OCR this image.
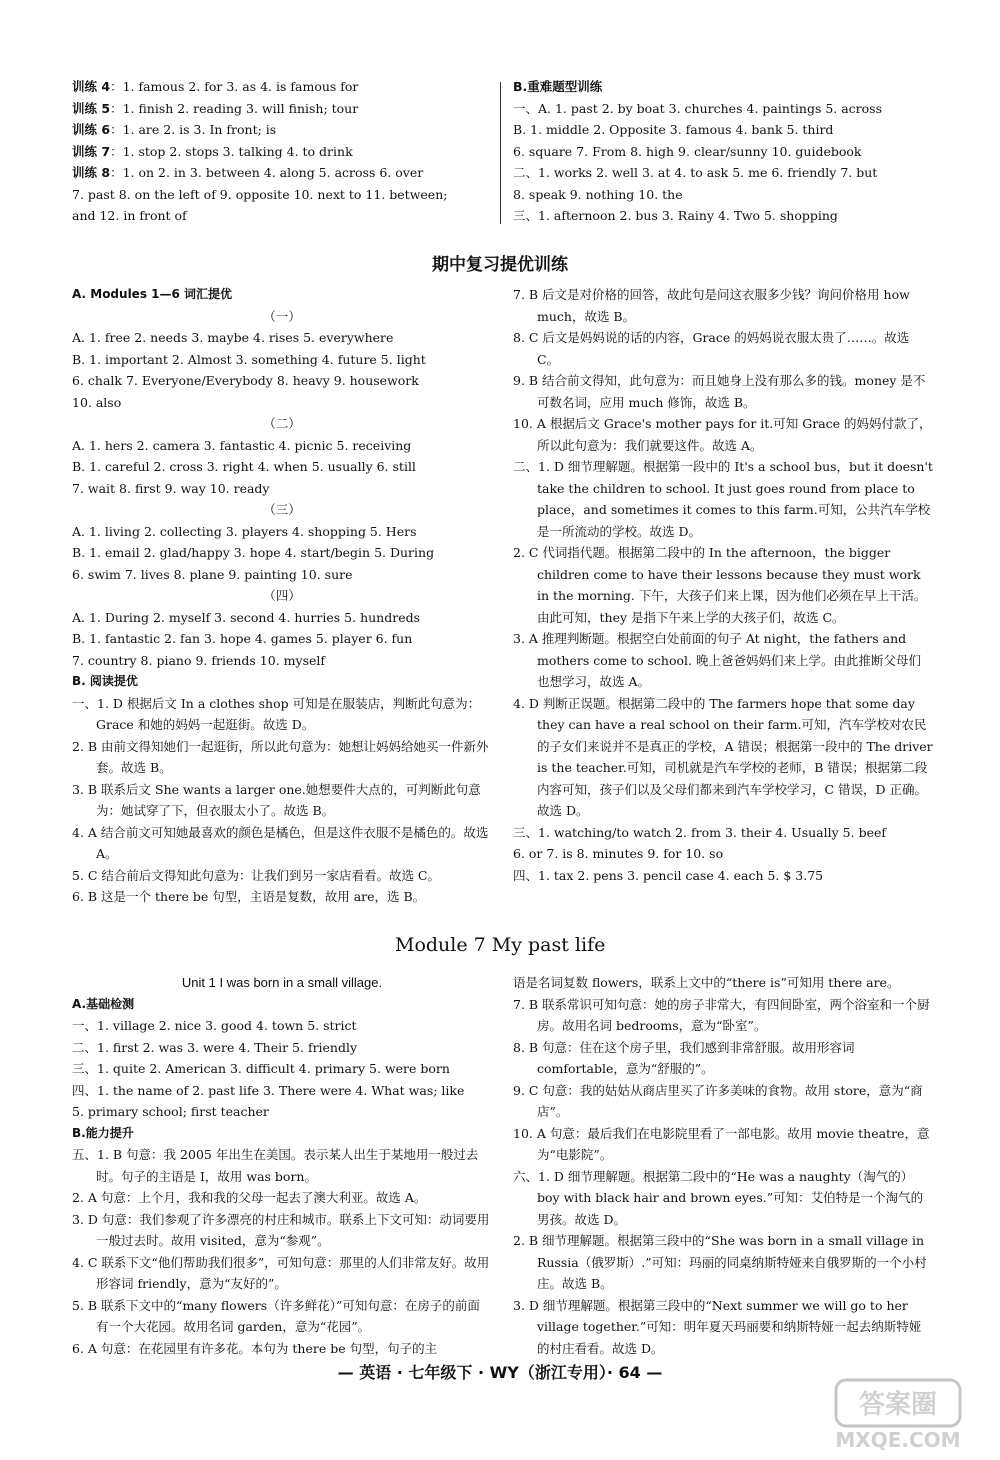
训练 4：1. famous 2. for 3. as 4. is famous for
训练 5：1. finish 2. reading 3. will finish; tour
训练 6：1. are 2. is 3. In front; is
训练 7：1. stop 2. stops 3. talking 4. to drink
训练 8：1. on 2. in 3. between 4. along 5. across 6. over
7. past 8. on the left of 9. opposite 10. next to 11. between;
and 12. in front of
B.重难题型训练
一、A. 1. past 2. by boat 3. churches 4. paintings 5. across
B. 1. middle 2. Opposite 3. famous 4. bank 5. third
6. square 7. From 8. high 9. clear/sunny 10. guidebook
二、1. works 2. well 3. at 4. to ask 5. me 6. friendly 7. but
8. speak 9. nothing 10. the
三、1. afternoon 2. bus 3. Rainy 4. Two 5. shopping
期中复习提优训练
A. Modules 1—6 词汇提优
（一）
A. 1. free 2. needs 3. maybe 4. rises 5. everywhere
B. 1. important 2. Almost 3. something 4. future 5. light
6. chalk 7. Everyone/Everybody 8. heavy 9. housework
10. also
（二）
A. 1. hers 2. camera 3. fantastic 4. picnic 5. receiving
B. 1. careful 2. cross 3. right 4. when 5. usually 6. still
7. wait 8. first 9. way 10. ready
（三）
A. 1. living 2. collecting 3. players 4. shopping 5. Hers
B. 1. email 2. glad/happy 3. hope 4. start/begin 5. During
6. swim 7. lives 8. plane 9. painting 10. sure
（四）
A. 1. During 2. myself 3. second 4. hurries 5. hundreds
B. 1. fantastic 2. fan 3. hope 4. games 5. player 6. fun
7. country 8. piano 9. friends 10. myself
B. 阅读提优
一、1. D 根据后文 In a clothes shop 可知是在服装店，判断此句意为：Grace 和她的妈妈一起逛街。故选 D。
2. B 由前文得知她们一起逛街，所以此句意为：她想让妈妈给她买一件新外套。故选 B。
3. B 联系后文 She wants a larger one.她想要件大点的，可判断此句意为：她试穿了下，但衣服太小了。故选 B。
4. A 结合前文可知她最喜欢的颜色是橘色，但是这件衣服不是橘色的。故选 A。
5. C 结合前后文得知此句意为：让我们到另一家店看看。故选 C。
6. B 这是一个 there be 句型，主语是复数，故用 are，选 B。
7. B 后文是对价格的回答，故此句是问这衣服多少钱？询问价格用 how much，故选 B。
8. C 后文是妈妈说的话的内容，Grace 的妈妈说衣服太贵了……。故选 C。
9. B 结合前文得知，此句意为：而且她身上没有那么多的钱。money 是不可数名词，应用 much 修饰，故选 B。
10. A 根据后文 Grace's mother pays for it.可知 Grace 的妈妈付款了，所以此句意为：我们就要这件。故选 A。
二、1. D 细节理解题。根据第一段中的 It's a school bus，but it doesn't take the children to school. It just goes round from place to place，and sometimes it comes to this farm.可知，公共汽车学校是一所流动的学校。故选 D。
2. C 代词指代题。根据第二段中的 In the afternoon，the bigger children come to have their lessons because they must work in the morning. 下午，大孩子们来上课，因为他们必须在早上干活。由此可知，they 是指下午来上学的大孩子们，故选 C。
3. A 推理判断题。根据空白处前面的句子 At night，the fathers and mothers come to school. 晚上爸爸妈妈们来上学。由此推断父母们也想学习，故选 A。
4. D 判断正误题。根据第二段中的 The farmers hope that some day they can have a real school on their farm.可知，汽车学校对农民的子女们来说并不是真正的学校，A 错误；根据第一段中的 The driver is the teacher.可知，司机就是汽车学校的老师，B 错误；根据第二段内容可知，孩子们以及父母们都来到汽车学校学习，C 错误，D 正确。故选 D。
三、1. watching/to watch 2. from 3. their 4. Usually 5. beef
6. or 7. is 8. minutes 9. for 10. so
四、1. tax 2. pens 3. pencil case 4. each 5. $ 3.75
Module 7 My past life
Unit 1 I was born in a small village.
A.基础检测
一、1. village 2. nice 3. good 4. town 5. strict
二、1. first 2. was 3. were 4. Their 5. friendly
三、1. quite 2. American 3. difficult 4. primary 5. were born
四、1. the name of 2. past life 3. There were 4. What was; like
5. primary school; first teacher
B.能力提升
五、1. B 句意：我 2005 年出生在美国。表示某人出生于某地用一般过去时。句子的主语是 I，故用 was born。
2. A 句意：上个月，我和我的父母一起去了澳大利亚。故选 A。
3. D 句意：我们参观了许多漂亮的村庄和城市。联系上下文可知：动词要用一般过去时。故用 visited，意为“参观”。
4. C 联系下文“他们帮助我们很多”，可知句意：那里的人们非常友好。故用形容词 friendly，意为“友好的”。
5. B 联系下文中的“many flowers（许多鲜花）”可知句意：在房子的前面有一个大花园。故用名词 garden，意为“花园”。
6. A 句意：在花园里有许多花。本句为 there be 句型，句子的主
语是名词复数 flowers，联系上文中的“there is”可知用 there are。
7. B 联系常识可知句意：她的房子非常大，有四间卧室，两个浴室和一个厨房。故用名词 bedrooms，意为“卧室”。
8. B 句意：住在这个房子里，我们感到非常舒服。故用形容词 comfortable，意为“舒服的”。
9. C 句意：我的姑姑从商店里买了许多美味的食物。故用 store，意为“商店”。
10. A 句意：最后我们在电影院里看了一部电影。故用 movie theatre，意为“电影院”。
六、1. D 细节理解题。根据第二段中的“He was a naughty（淘气的）boy with black hair and brown eyes.”可知：艾伯特是一个淘气的男孩。故选 D。
2. B 细节理解题。根据第三段中的“She was born in a small village in Russia（俄罗斯）.”可知：玛丽的同桌纳斯特娅来自俄罗斯的一个小村庄。故选 B。
3. D 细节理解题。根据第三段中的“Next summer we will go to her village together.”可知：明年夏天玛丽要和纳斯特娅一起去纳斯特娅的村庄看看。故选 D。
— 英语 · 七年级下 · WY（浙江专用）· 64 —
答案圈
MXQE.COM
